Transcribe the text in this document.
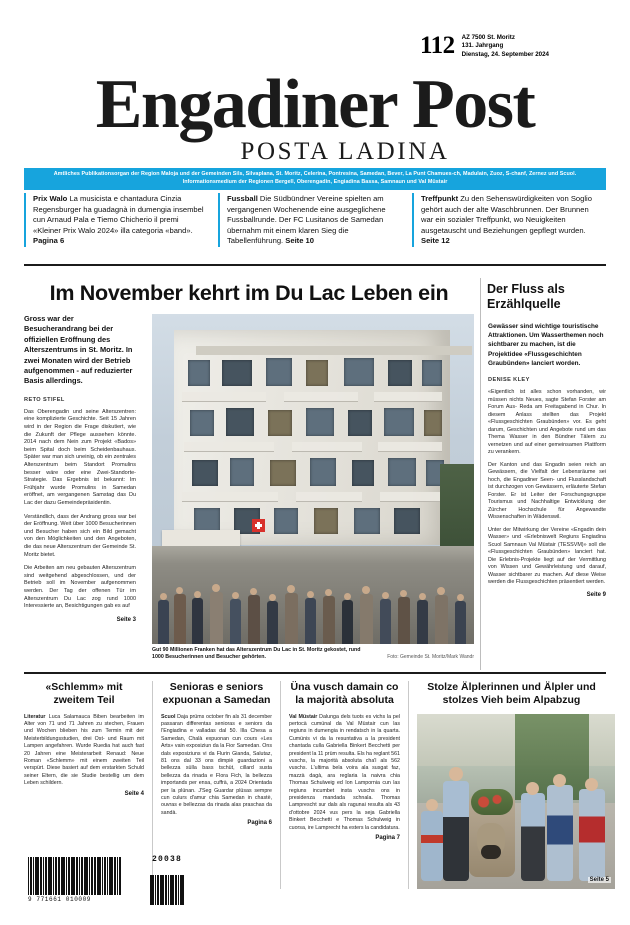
112 AZ 7500 St. Moritz
131. Jahrgang
Dienstag, 24. September 2024
Engadiner Post
POSTA LADINA
Amtliches Publikationsorgan der Region Maloja und der Gemeinden Sils, Silvaplana, St. Moritz, Celerina, Pontresina, Samedan, Bever, La Punt Chamues-ch, Madulain, Zuoz, S-chanf, Zernez und Scuol. Informationsmedium der Regionen Bergell, Oberengadin, Engiadina Bassa, Samnaun und Val Müstair

Prix Walo La musicista e chantadura Cinzia Regensburger ha guadagnà in dumengia insembel cun Arnaud Pala e Tiemo Chicherio il premi «Kleiner Prix Walo 2024» illa categoria «band». Pagina 6

Fussball Die Südbündner Vereine spielten am vergangenen Wochenende eine ausgeglichene Fussballrunde. Der FC Lusitanos de Samedan übernahm mit einem klaren Sieg die Tabellenführung. Seite 10

Treffpunkt Zu den Sehenswürdigkeiten von Soglio gehört auch der alte Waschbrunnen. Der Brunnen war ein sozialer Treffpunkt, wo Neuigkeiten ausgetauscht und Beziehungen gepflegt wurden. Seite 12

Im November kehrt im Du Lac Leben ein	Der Fluss als Erzählquelle

Gross war der Besucherandrang bei der offiziellen Eröffnung des Alterszentrums in St. Moritz. In zwei Monaten wird der Betrieb aufgenommen - auf reduzierter Basis allerdings.

RETO STIFEL

Das Oberengadin und seine Alterszentren: eine komplizierte Geschichte. Seit 15 Jahren wird in der Region die Frage diskutiert, wie die Zukunft der Pflege aussehen könnte. 2014 nach dem Nein zum Projekt «Bados» beim Spital doch beim Scheidenbauhaus. Später war man sich uneinig, ob ein zentrales Alterszentrum beim Standort Promulins besser wäre oder eine Zwei-Standorte-Strategie. Das Ergebnis ist bekannt: Im Frühjahr wurde Promulins in Samedan eröffnet, am vergangenen Samstag das Du Lac der dazu Gemeindepräsidentin.

Verständlich, dass der Andrang gross war bei der Eröffnung. Weit über 1000 Besucherinnen und Besucher haben sich ein Bild gemacht von den Möglichkeiten und den Angeboten, die das neue Alterszentrum der Gemeinde St. Moritz bietet.

Die Arbeiten am neu gebauten Alterszentrum sind weitgehend abgeschlossen, und der Betrieb soll im November aufgenommen werden. Der Tag der offenen Tür im Alterszentrum Du Lac zog rund 1000 Interessierte an, Besichtigungen gab es auf

Seite 3
Gut 90 Millionen Franken hat das Alterszentrum Du Lac in St. Moritz gekostet, rund 1000 Besucherinnen und Besucher gehörten.	Foto: Gemeinde St. Moritz/Mark Wandr

Gewässer sind wichtige touristische Attraktionen. Um Wasserthemen noch sichtbarer zu machen, ist die Projektidee «Flussgeschichten Graubünden» lanciert worden.

DENISE KLEY

«Eigentlich ist alles schon vorhanden, wir müssen nichts Neues, sagte Stefan Forster am Forum Aus- Reda am Freitagabend in Chur. In diesem Anlass stellten das Projekt «Flussgeschichten Graubünden» vor. Es geht darum, Geschichten und Angebote rund um das Thema Wasser in den Bündner Tälern zu vernetzen und auf einer gemeinsamen Plattform zu verankern.

Der Kanton und das Engadin seien reich an Gewässern, die Vielfalt der Lebensräume sei hoch, die Engadiner Seen- und Flusslandschaft ist durchzogen von Gewässern, erläuterte Stefan Forster. Er ist Leiter der Forschungsgruppe Tourismus und Nachhaltige Entwicklung der Zürcher Hochschule für Angewandte Wissenschaften in Wädenswil.

Unter der Mitwirkung der Vereine «Engadin dein Wasser» und «Erlebniswelt Regiuns Engiadina Scuol Samnaun Val Müstair (TESSVM)» soll die «Flussgeschichten Graubünden» lanciert hat. Die Erlebnis-Projekte liegt auf der Vermittlung von Wissen und Gewährleistung und darauf, Wasser sichtbarer zu machen. Auf diese Weise werden die Flussgeschichten präsentiert werden.

Seite 9
«Schlemm» mit zweitem Teil

Literatur Luca Salamauca Biben bearbeiten im Alter von 71 und 71 Jahren zu stechen, Frauen und Wochen blieben his zum Termin mit der Meisterbildungsstudien, drei Ost- und Raum mit Lampen angefahren. Wurde Ruedia hat auch fast 20 Jahren eine Meisterarbeit Renaud: Neue Roman «Schlemm» mit einem zweiten Teil verspürt. Diese basiert auf dem erstarkten Schuld seiner Eltern, die sie Studie bestellig um dem Leben schildern.
Seite 4

Senioras e seniors expuonan a Samedan

Scuol Daja prüms october fin als 31 december passaran differentas senioras e seniors da l'Engiadina e valladas dal 50. Illa Chesa a Samedan, Chalà expuonan cun cours «Les Arts» vain exposiziun da la Fior Samedan. Ons dals exposiziuns vi da Flurin Gianda, Salutaz, 81 ons dal 33 ons dimpiè guardazioni a bellezza sülla bass tschüt, cillard susta bellezza da rinada e Flora Fich, la bellezza importands per ensa, cuffrà, a 2024 Orientada per la plünan. J'Seg Guardar plüsas sempre cun culurs d'amur chia Samedan in chastè, ouvras e bellezzas da rinada alas praschas da sandà.
Pagina 6

Üna vusch damain co la majorità absoluta

Val Müstair Dalunga dels tuots es vichs la pel pertocà cumünal da Val Müstair cun las regiuns in dumengia in rendatsch in la quarta. Cumünis vi da la resuntativa a la president chantada culla Gabriella Binkert Becchetti per president la 11 prüm resulta. Els ha reglant 561 vuschs, la majorità absoluta cha'l als 562 vuschs. L'ultima bela voira ala susgat faz, mazzà dagà, ara reglaria la naivra chia Thomas Schulweig ed Ion Lampornia cun las regiuns incumbet insta vuschs ons in presidenza mandada schnala. Thomas Lamprescht sur dals als ragunai resulta als 43 d'ottobre 2024 vus pers la seja Gabriella Binkert Becchetti e Thomas Schulweig in cuorsa, ire Lamprecht ha esters la candidatura.
Pagina 7

Stolze Älplerinnen und Älpler und stolzes Vieh beim Alpabzug
Seite 5
9 771661 010009
20038
